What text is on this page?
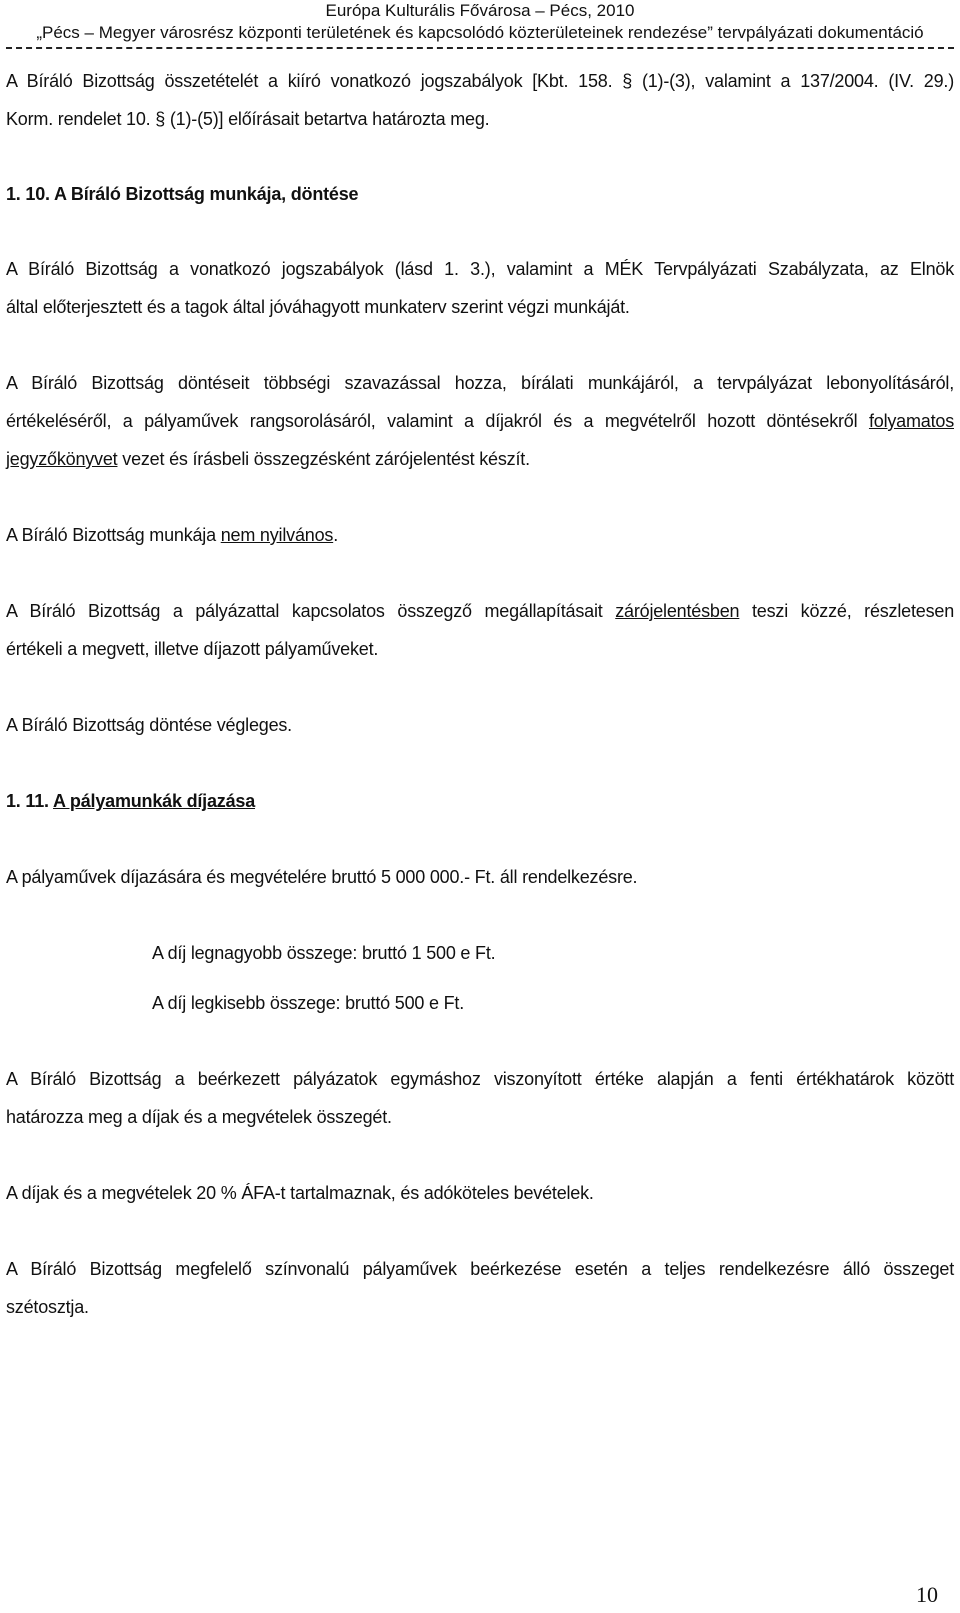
Európa Kulturális Fővárosa – Pécs, 2010
„Pécs – Megyer városrész központi területének és kapcsolódó közterületeinek rendezése” tervpályázati dokumentáció
A Bíráló Bizottság összetételét a kiíró vonatkozó jogszabályok [Kbt. 158. § (1)-(3), valamint a 137/2004. (IV. 29.)
Korm. rendelet 10. § (1)-(5)] előírásait betartva határozta meg.
1. 10. A Bíráló Bizottság munkája, döntése
A Bíráló Bizottság a vonatkozó jogszabályok (lásd 1. 3.), valamint a MÉK Tervpályázati Szabályzata, az Elnök
által előterjesztett és a tagok által jóváhagyott munkaterv szerint végzi munkáját.
A Bíráló Bizottság döntéseit többségi szavazással hozza, bírálati munkájáról, a tervpályázat lebonyolításáról,
értékeléséről, a pályaművek rangsorolásáról, valamint a díjakról és a megvételről hozott döntésekről folyamatos
jegyzőkönyvet vezet és írásbeli összegzésként zárójelentést készít.
A Bíráló Bizottság munkája nem nyilvános.
A Bíráló Bizottság a pályázattal kapcsolatos összegző megállapításait zárójelentésben teszi közzé, részletesen
értékeli a megvett, illetve díjazott pályaműveket.
A Bíráló Bizottság döntése végleges.
1. 11. A pályamunkák díjazása
A pályaművek díjazására és megvételére bruttó 5 000 000.- Ft. áll rendelkezésre.
A díj legnagyobb összege: bruttó 1 500 e Ft.
A díj legkisebb összege: bruttó 500 e Ft.
A Bíráló Bizottság a beérkezett pályázatok egymáshoz viszonyított értéke alapján a fenti értékhatárok között
határozza meg a díjak és a megvételek összegét.
A díjak és a megvételek 20 % ÁFA-t tartalmaznak, és adóköteles bevételek.
A Bíráló Bizottság megfelelő színvonalú pályaművek beérkezése esetén a teljes rendelkezésre álló összeget
szétosztja.
10
